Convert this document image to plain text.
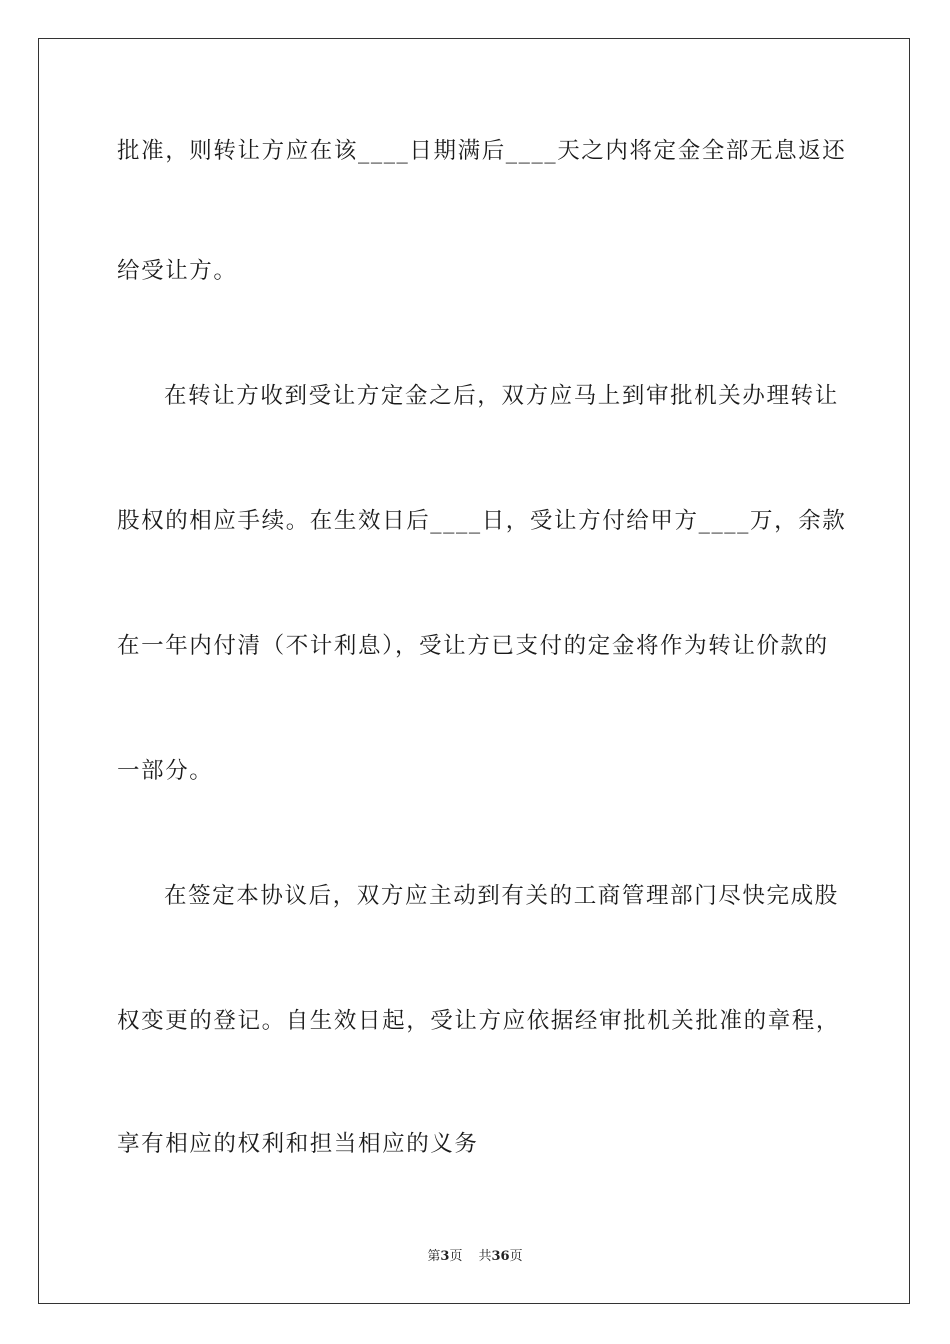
批准，则转让方应在该____日期满后____天之内将定金全部无息返还
给受让方。
在转让方收到受让方定金之后，双方应马上到审批机关办理转让
股权的相应手续。在生效日后____日，受让方付给甲方____万，余款
在一年内付清（不计利息），受让方已支付的定金将作为转让价款的
一部分。
在签定本协议后，双方应主动到有关的工商管理部门尽快完成股
权变更的登记。自生效日起，受让方应依据经审批机关批准的章程，
享有相应的权利和担当相应的义务
第3页 共36页
